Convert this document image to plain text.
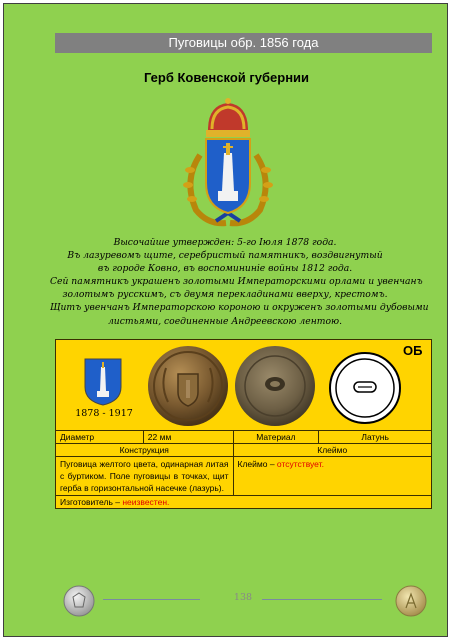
Пуговицы обр. 1856 года
Герб Ковенской губернии
Высочайше утвержден: 5-го Іюля 1878 года.
Въ лазуревомъ щите, серебристый памятникъ, воздвигнутый
въ городе Ковно, въ воспомининіе войны 1812 года.
Сей памятникъ украшенъ золотыми Императорскими орлами и увенчанъ
золотымъ русскимъ, съ двумя перекладинами вверху, крестомъ.
Щитъ увенчанъ Императорскою короною и окруженъ золотыми дубовыми
листьями, соединенные Андреевскою лентою.
1878 - 1917
ОБ
Диаметр	22 мм	Материал	Латунь
Конструкция		Клеймо	
Пуговица желтого цвета, одинарная литая с буртиком. Поле пуговицы в точках, щит герба в горизонтальной насечке (лазурь).		Клеймо – отсутствует.	
Изготовитель – неизвестен.			
138
